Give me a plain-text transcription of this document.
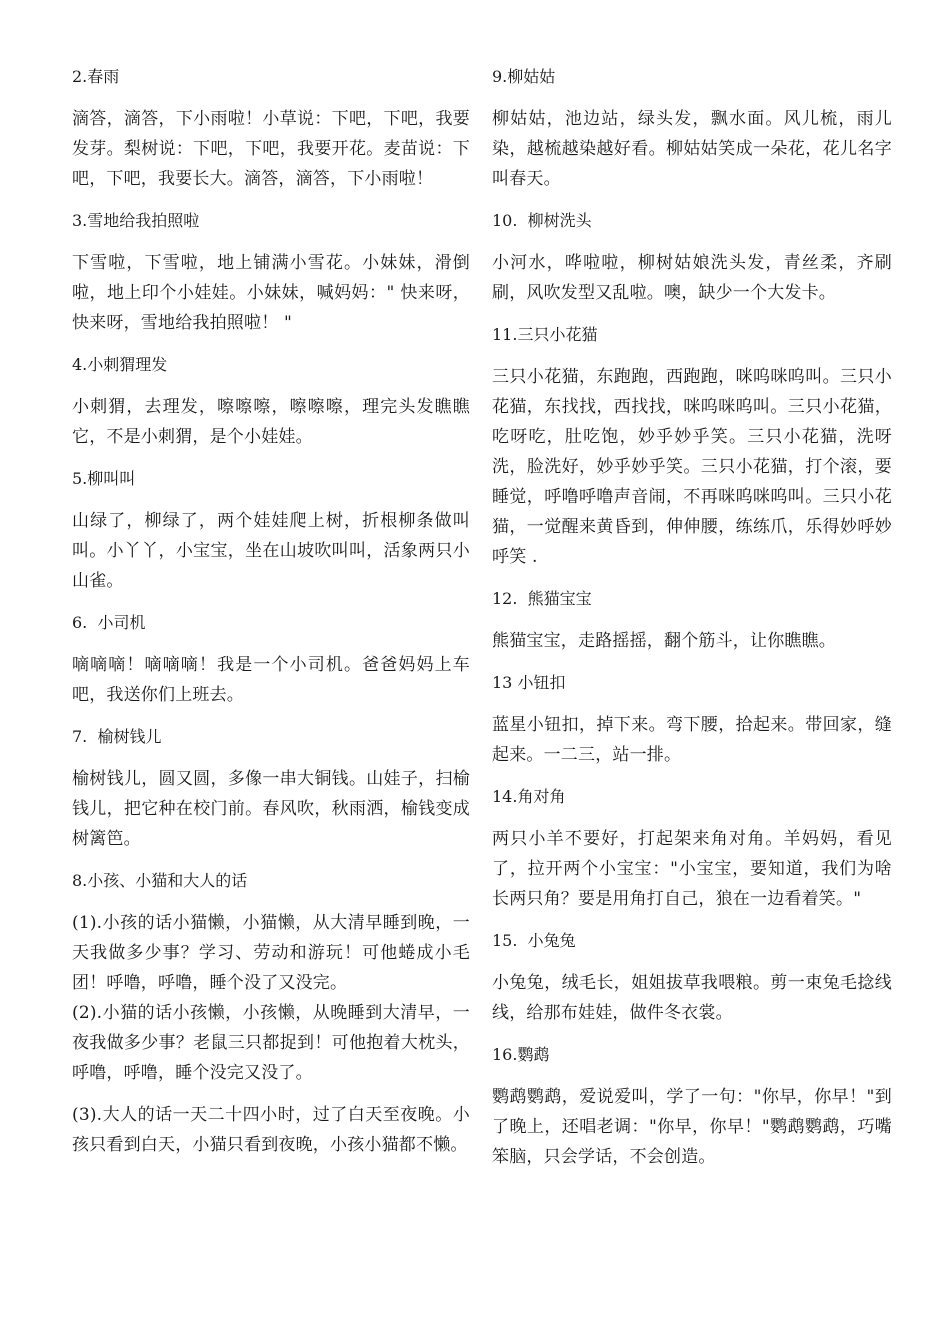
2.春雨
滴答，滴答，下小雨啦！小草说：下吧，下吧，我要发芽。梨树说：下吧，下吧，我要开花。麦苗说：下吧，下吧，我要长大。滴答，滴答，下小雨啦！
3.雪地给我拍照啦
下雪啦，下雪啦，地上铺满小雪花。小妹妹，滑倒啦，地上印个小娃娃。小妹妹，喊妈妈：" 快来呀，快来呀，雪地给我拍照啦！ "
4.小刺猬理发
小刺猬，去理发，嚓嚓嚓，嚓嚓嚓，理完头发瞧瞧它，不是小刺猬，是个小娃娃。
5.柳叫叫
山绿了，柳绿了，两个娃娃爬上树，折根柳条做叫叫。小丫丫，小宝宝，坐在山坡吹叫叫，活象两只小山雀。
6.  小司机
嘀嘀嘀！嘀嘀嘀！我是一个小司机。爸爸妈妈上车吧，我送你们上班去。
7.  榆树钱儿
榆树钱儿，圆又圆，多像一串大铜钱。山娃子，扫榆钱儿，把它种在校门前。春风吹，秋雨洒，榆钱变成树篱笆。
8.小孩、小猫和大人的话
(1).小孩的话小猫懒，小猫懒，从大清早睡到晚，一天我做多少事？学习、劳动和游玩！可他蜷成小毛团！呼噜，呼噜，睡个没了又没完。
(2).小猫的话小孩懒，小孩懒，从晚睡到大清早，一夜我做多少事？老鼠三只都捉到！可他抱着大枕头，呼噜，呼噜，睡个没完又没了。
(3).大人的话一天二十四小时，过了白天至夜晚。小孩只看到白天，小猫只看到夜晚，小孩小猫都不懒。
9.柳姑姑
柳姑姑，池边站，绿头发，飘水面。风儿梳，雨儿染，越梳越染越好看。柳姑姑笑成一朵花，花儿名字叫春天。
10.  柳树洗头
小河水，哗啦啦，柳树姑娘洗头发，青丝柔，齐刷刷，风吹发型又乱啦。噢，缺少一个大发卡。
11.三只小花猫
三只小花猫，东跑跑，西跑跑，咪呜咪呜叫。三只小花猫，东找找，西找找，咪呜咪呜叫。三只小花猫，吃呀吃，肚吃饱，妙乎妙乎笑。三只小花猫，洗呀洗，脸洗好，妙乎妙乎笑。三只小花猫，打个滚，要睡觉，呼噜呼噜声音闹，不再咪呜咪呜叫。三只小花猫，一觉醒来黄昏到，伸伸腰，练练爪，乐得妙呼妙呼笑 .
12.  熊猫宝宝
熊猫宝宝，走路摇摇，翻个筋斗，让你瞧瞧。
13 小钮扣
蓝星小钮扣，掉下来。弯下腰，拾起来。带回家，缝起来。一二三，站一排。
14.角对角
两只小羊不要好，打起架来角对角。羊妈妈，看见了，拉开两个小宝宝："小宝宝，要知道，我们为啥长两只角？要是用角打自己，狼在一边看着笑。"
15.  小兔兔
小兔兔，绒毛长，姐姐拔草我喂粮。剪一束兔毛捻线线，给那布娃娃，做件冬衣裳。
16.鹦鹉
鹦鹉鹦鹉，爱说爱叫，学了一句："你早，你早！"到了晚上，还唱老调："你早，你早！"鹦鹉鹦鹉，巧嘴笨脑，只会学话，不会创造。
